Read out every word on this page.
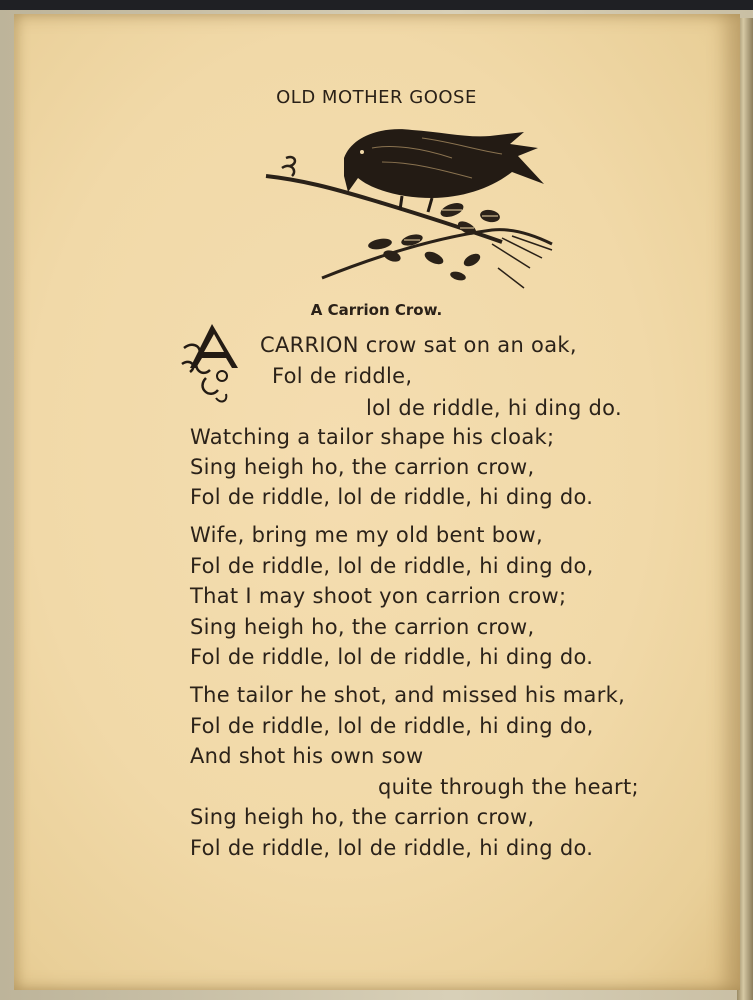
OLD MOTHER GOOSE
A Carrion Crow.
CARRION crow sat on an oak,
Fol de riddle,
lol de riddle, hi ding do.
Watching a tailor shape his cloak;
Sing heigh ho, the carrion crow,
Fol de riddle, lol de riddle, hi ding do.
Wife, bring me my old bent bow,
Fol de riddle, lol de riddle, hi ding do,
That I may shoot yon carrion crow;
Sing heigh ho, the carrion crow,
Fol de riddle, lol de riddle, hi ding do.
The tailor he shot, and missed his mark,
Fol de riddle, lol de riddle, hi ding do,
And shot his own sow
quite through the heart;
Sing heigh ho, the carrion crow,
Fol de riddle, lol de riddle, hi ding do.
